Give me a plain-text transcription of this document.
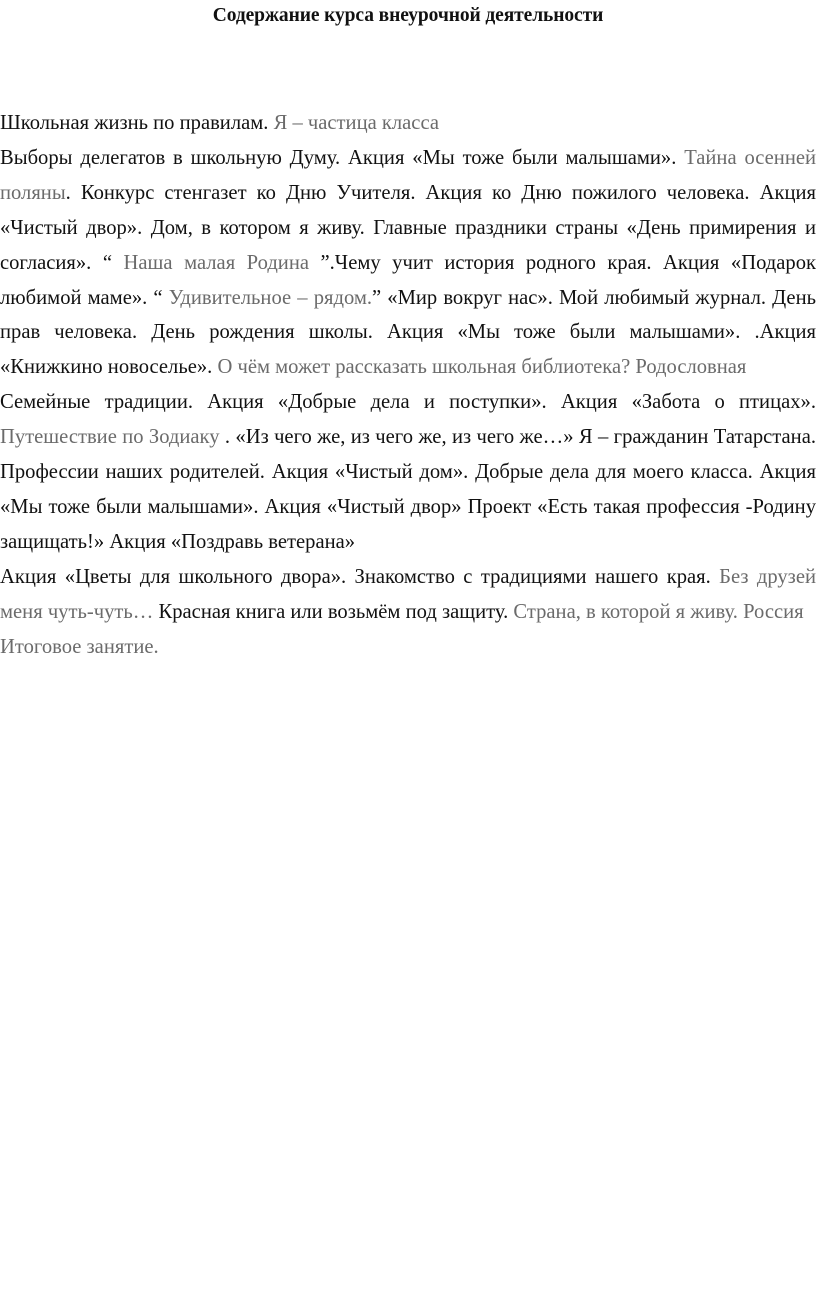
Содержание курса внеурочной деятельности

Школьная жизнь по правилам. Я – частица класса

Выборы делегатов в школьную Думу. Акция «Мы тоже были малышами». Тайна осенней поляны. Конкурс стенгазет ко Дню Учителя. Акция ко Дню пожилого человека. Акция «Чистый двор». Дом, в котором я живу. Главные праздники страны «День примирения и согласия». “ Наша малая Родина ”.Чему учит история родного края. Акция «Подарок любимой маме». “ Удивительное – рядом.” «Мир вокруг нас». Мой любимый журнал. День прав человека. День рождения школы. Акция «Мы тоже были малышами». .Акция «Книжкино новоселье». О чём может рассказать школьная библиотека? Родословная

Семейные традиции. Акция «Добрые дела и поступки». Акция «Забота о птицах». Путешествие по Зодиаку . «Из чего же, из чего же, из чего же…» Я – гражданин Татарстана. Профессии наших родителей. Акция «Чистый дом». Добрые дела для моего класса. Акция «Мы тоже были малышами». Акция «Чистый двор» Проект «Есть такая профессия -Родину защищать!» Акция «Поздравь ветерана»

Акция «Цветы для школьного двора». Знакомство с традициями нашего края. Без друзей меня чуть-чуть… Красная книга или возьмём под защиту. Страна, в которой я живу. Россия

Итоговое занятие.
